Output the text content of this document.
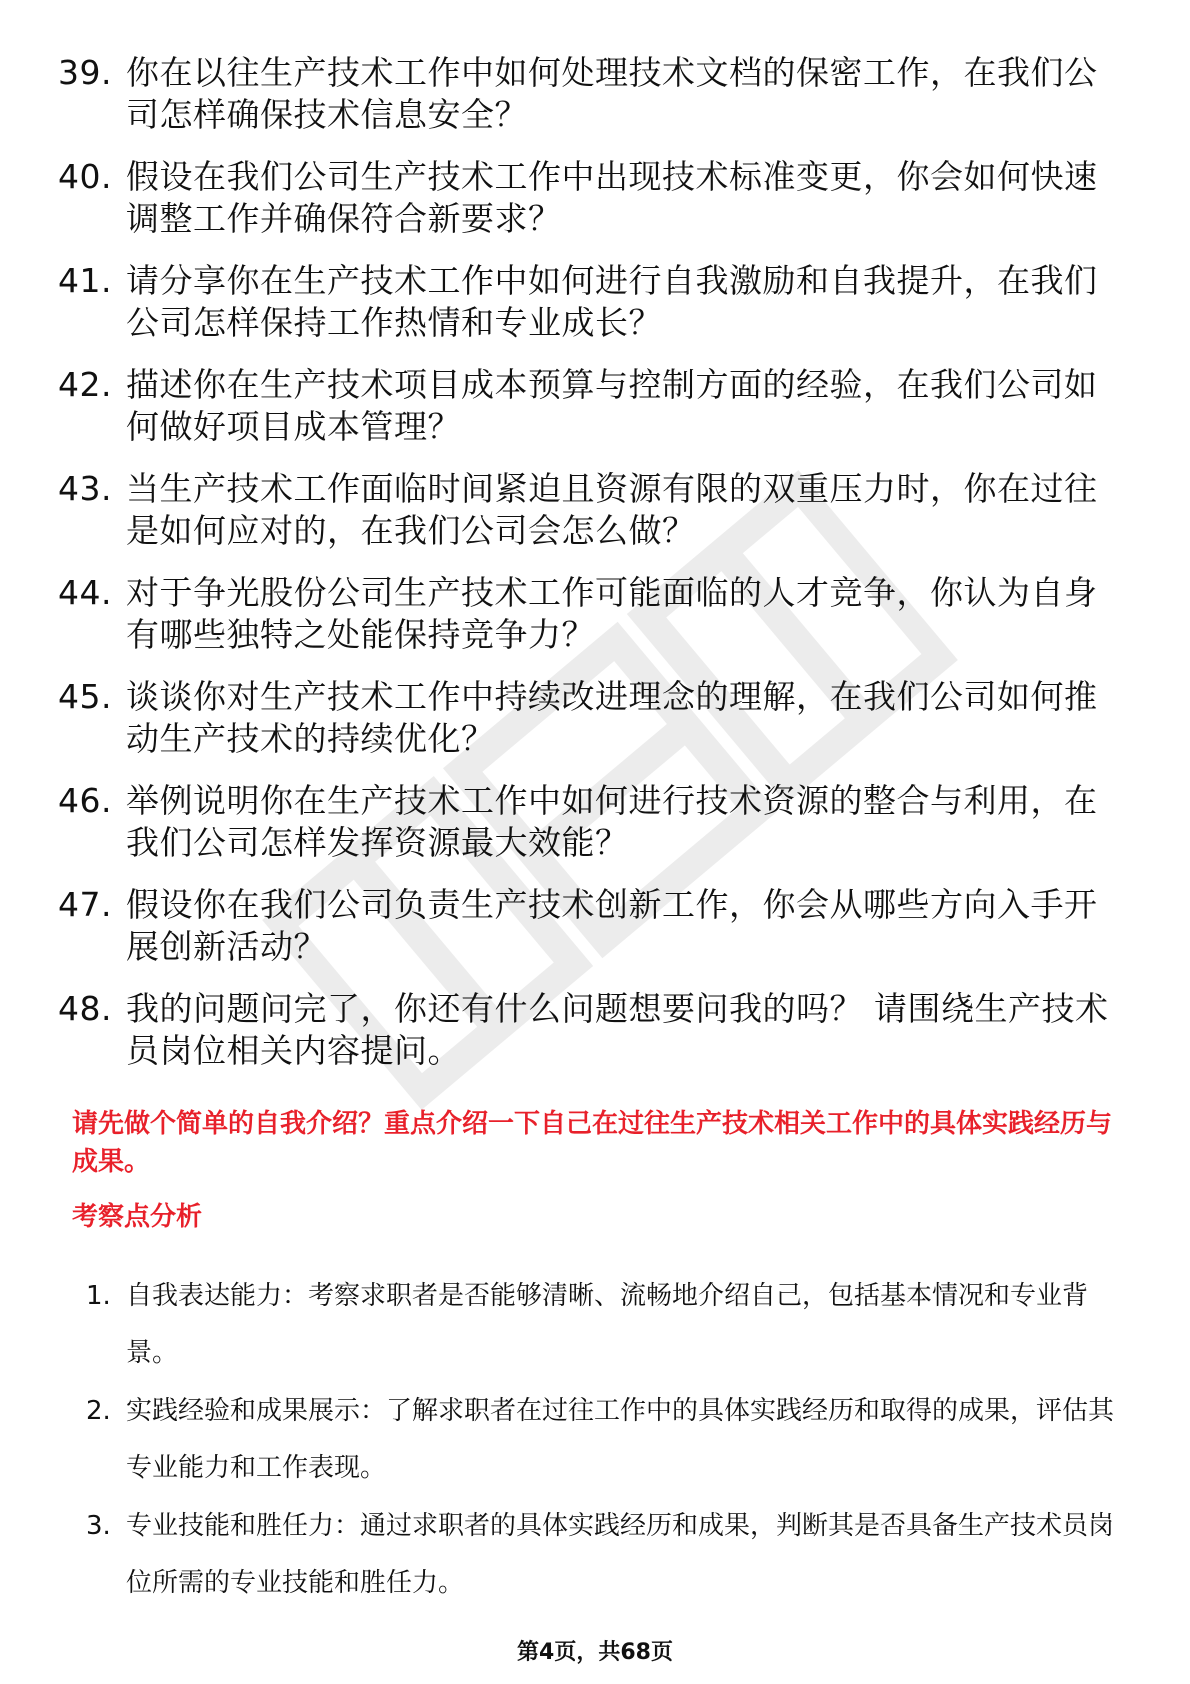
39. 你在以往生产技术工作中如何处理技术文档的保密工作，在我们公司怎样确保技术信息安全？
40. 假设在我们公司生产技术工作中出现技术标准变更，你会如何快速调整工作并确保符合新要求？
41. 请分享你在生产技术工作中如何进行自我激励和自我提升，在我们公司怎样保持工作热情和专业成长？
42. 描述你在生产技术项目成本预算与控制方面的经验，在我们公司如何做好项目成本管理？
43. 当生产技术工作面临时间紧迫且资源有限的双重压力时，你在过往是如何应对的，在我们公司会怎么做？
44. 对于争光股份公司生产技术工作可能面临的人才竞争，你认为自身有哪些独特之处能保持竞争力？
45. 谈谈你对生产技术工作中持续改进理念的理解，在我们公司如何推动生产技术的持续优化？
46. 举例说明你在生产技术工作中如何进行技术资源的整合与利用，在我们公司怎样发挥资源最大效能？
47. 假设你在我们公司负责生产技术创新工作，你会从哪些方向入手开展创新活动？
48. 我的问题问完了，你还有什么问题想要问我的吗？ 请围绕生产技术员岗位相关内容提问。

请先做个简单的自我介绍？重点介绍一下自己在过往生产技术相关工作中的具体实践经历与成果。

考察点分析

1. 自我表达能力：考察求职者是否能够清晰、流畅地介绍自己，包括基本情况和专业背景。
2. 实践经验和成果展示：了解求职者在过往工作中的具体实践经历和取得的成果，评估其专业能力和工作表现。
3. 专业技能和胜任力：通过求职者的具体实践经历和成果，判断其是否具备生产技术员岗位所需的专业技能和胜任力。
第4页，共68页
